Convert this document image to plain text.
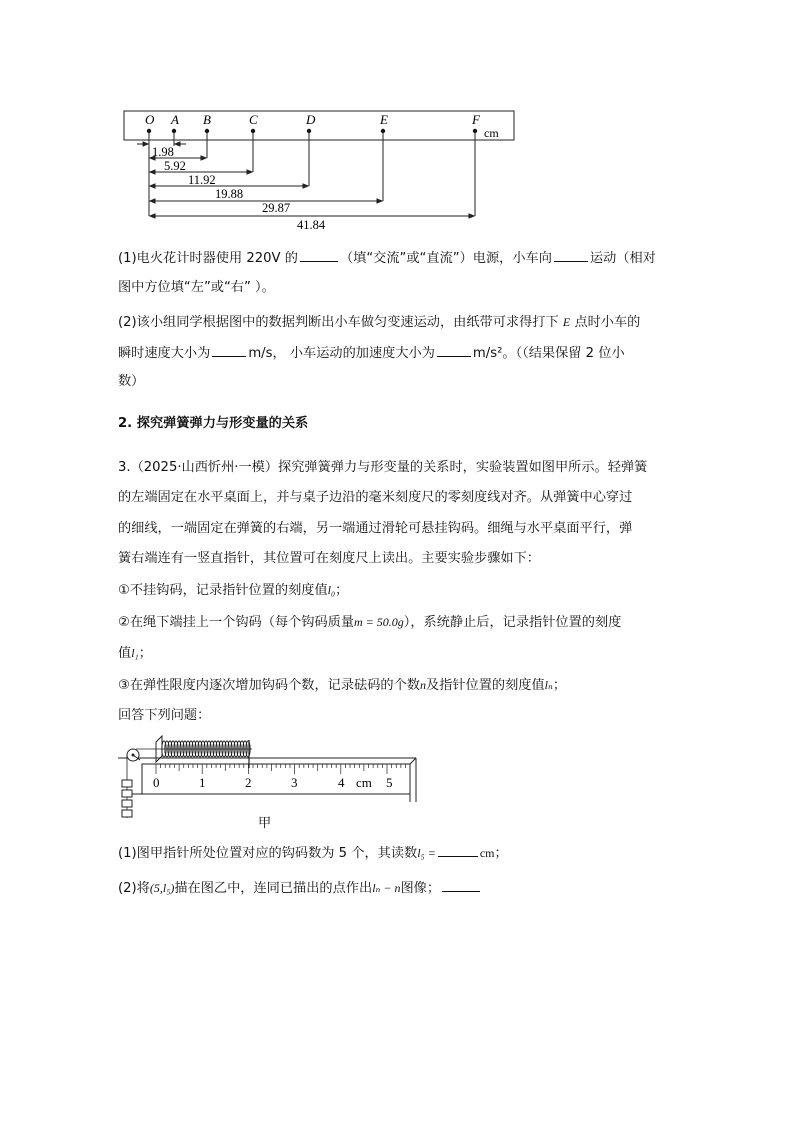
O A B	C	D	E	F
cm
1.98
5.92
11.92
19.88
29.87
41.84
(1)电火花计时器使用 220V 的	（填“交流”或“直流”）电源，小车向	运动（相对
图中方位填“左”或“右” ）。
(2)该小组同学根据图中的数据判断出小车做匀变速运动，由纸带可求得打下 E 点时小车的
瞬时速度大小为	m/s， 小车运动的加速度大小为	m/s²。（（结果保留 2 位小
数）
2. 探究弹簧弹力与形变量的关系
3.（2025·山西忻州·一模）探究弹簧弹力与形变量的关系时，实验装置如图甲所示。轻弹簧
的左端固定在水平桌面上，并与桌子边沿的毫米刻度尺的零刻度线对齐。从弹簧中心穿过
的细线，一端固定在弹簧的右端，另一端通过滑轮可悬挂钩码。细绳与水平桌面平行，弹
簧右端连有一竖直指针，其位置可在刻度尺上读出。主要实验步骤如下：
①不挂钩码，记录指针位置的刻度值l₀；
②在绳下端挂上一个钩码（每个钩码质量m = 50.0g），系统静止后，记录指针位置的刻度
值l₁；
③在弹性限度内逐次增加钩码个数，记录砝码的个数n及指针位置的刻度值lₙ；
回答下列问题：
0	1	2	3	4 cm 5
甲
(1)图甲指针所处位置对应的钩码数为 5 个，其读数l₅ =	cm；
(2)将(5,l₅)描在图乙中，连同已描出的点作出lₙ − n图像；
